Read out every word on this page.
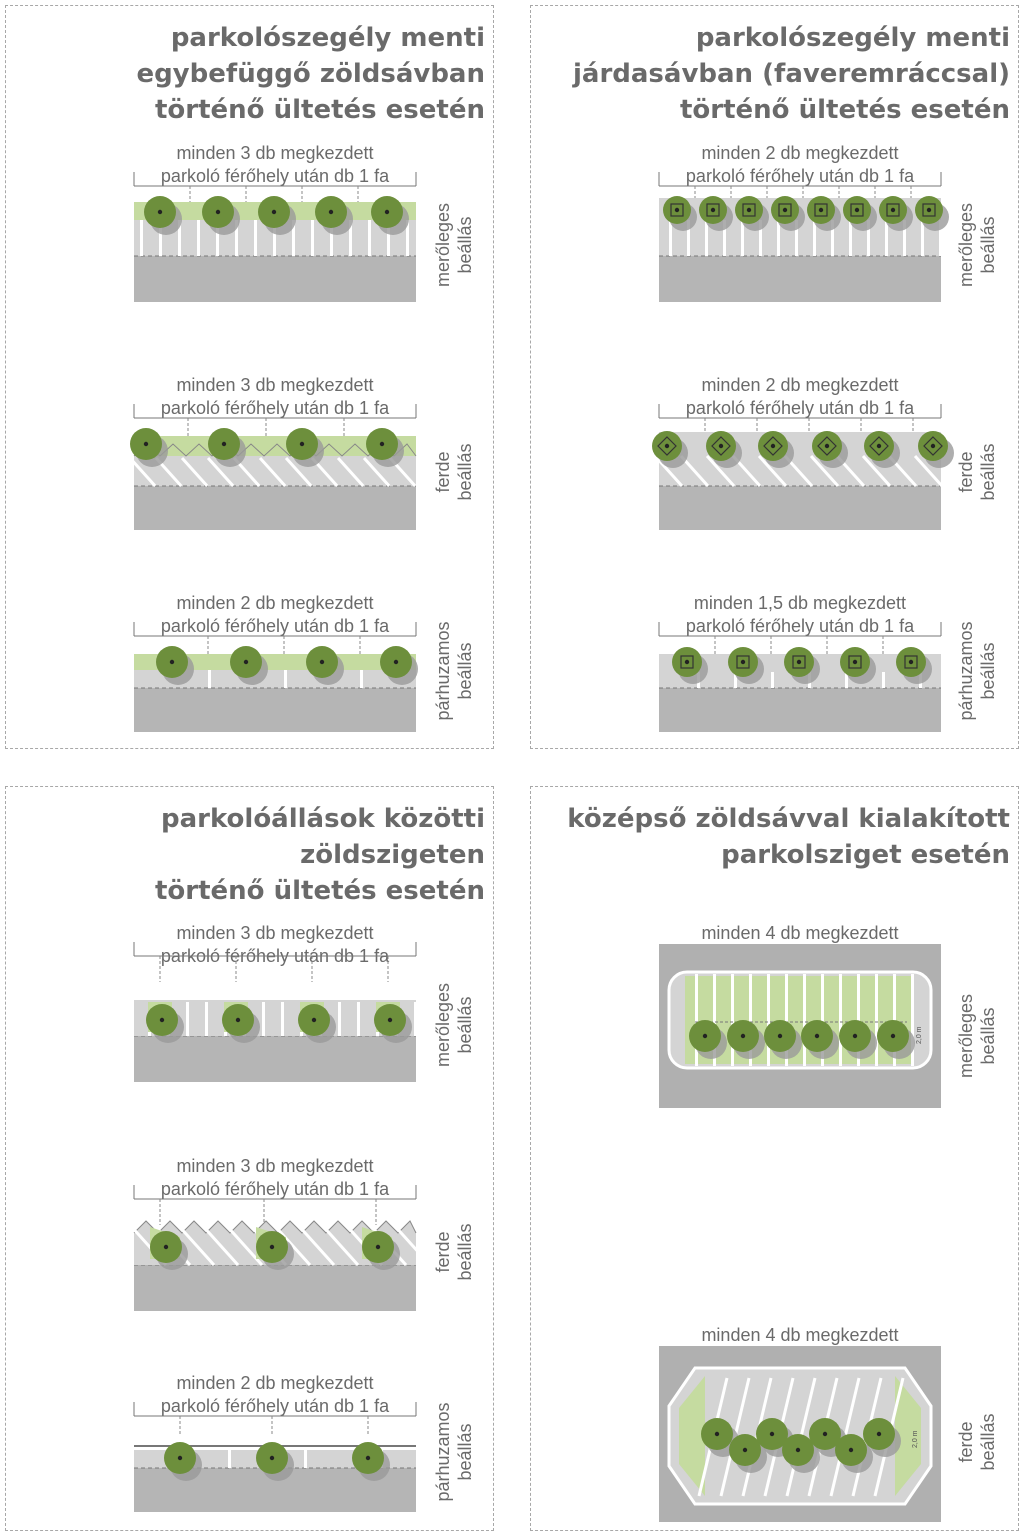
parkolószegély menti
egybefüggő zöldsávban
történő ültetés esetén
parkolószegély menti
járdasávban (faveremráccsal)
történő ültetés esetén
parkolóállások közötti
zöldszigeten
történő ültetés esetén
középső zöldsávval kialakított
parkolsziget esetén
minden 3 db megkezdett
parkoló férőhely után db 1 fa
minden 3 db megkezdett
parkoló férőhely után db 1 fa
minden 2 db megkezdett
parkoló férőhely után db 1 fa
minden 2 db megkezdett
parkoló férőhely után db 1 fa
minden 2 db megkezdett
parkoló férőhely után db 1 fa
minden 1,5 db megkezdett
parkoló férőhely után db 1 fa
minden 3 db megkezdett
parkoló férőhely után db 1 fa
minden 3 db megkezdett
parkoló férőhely után db 1 fa
minden 2 db megkezdett
parkoló férőhely után db 1 fa
minden 4 db megkezdett
minden 4 db megkezdett
merőleges beállás
ferde beállás
párhuzamos beállás
merőleges beállás
ferde beállás
párhuzamos beállás
merőleges beállás
ferde beállás
párhuzamos beállás
merőleges beállás
ferde beállás
2,0 m
2,0 m
